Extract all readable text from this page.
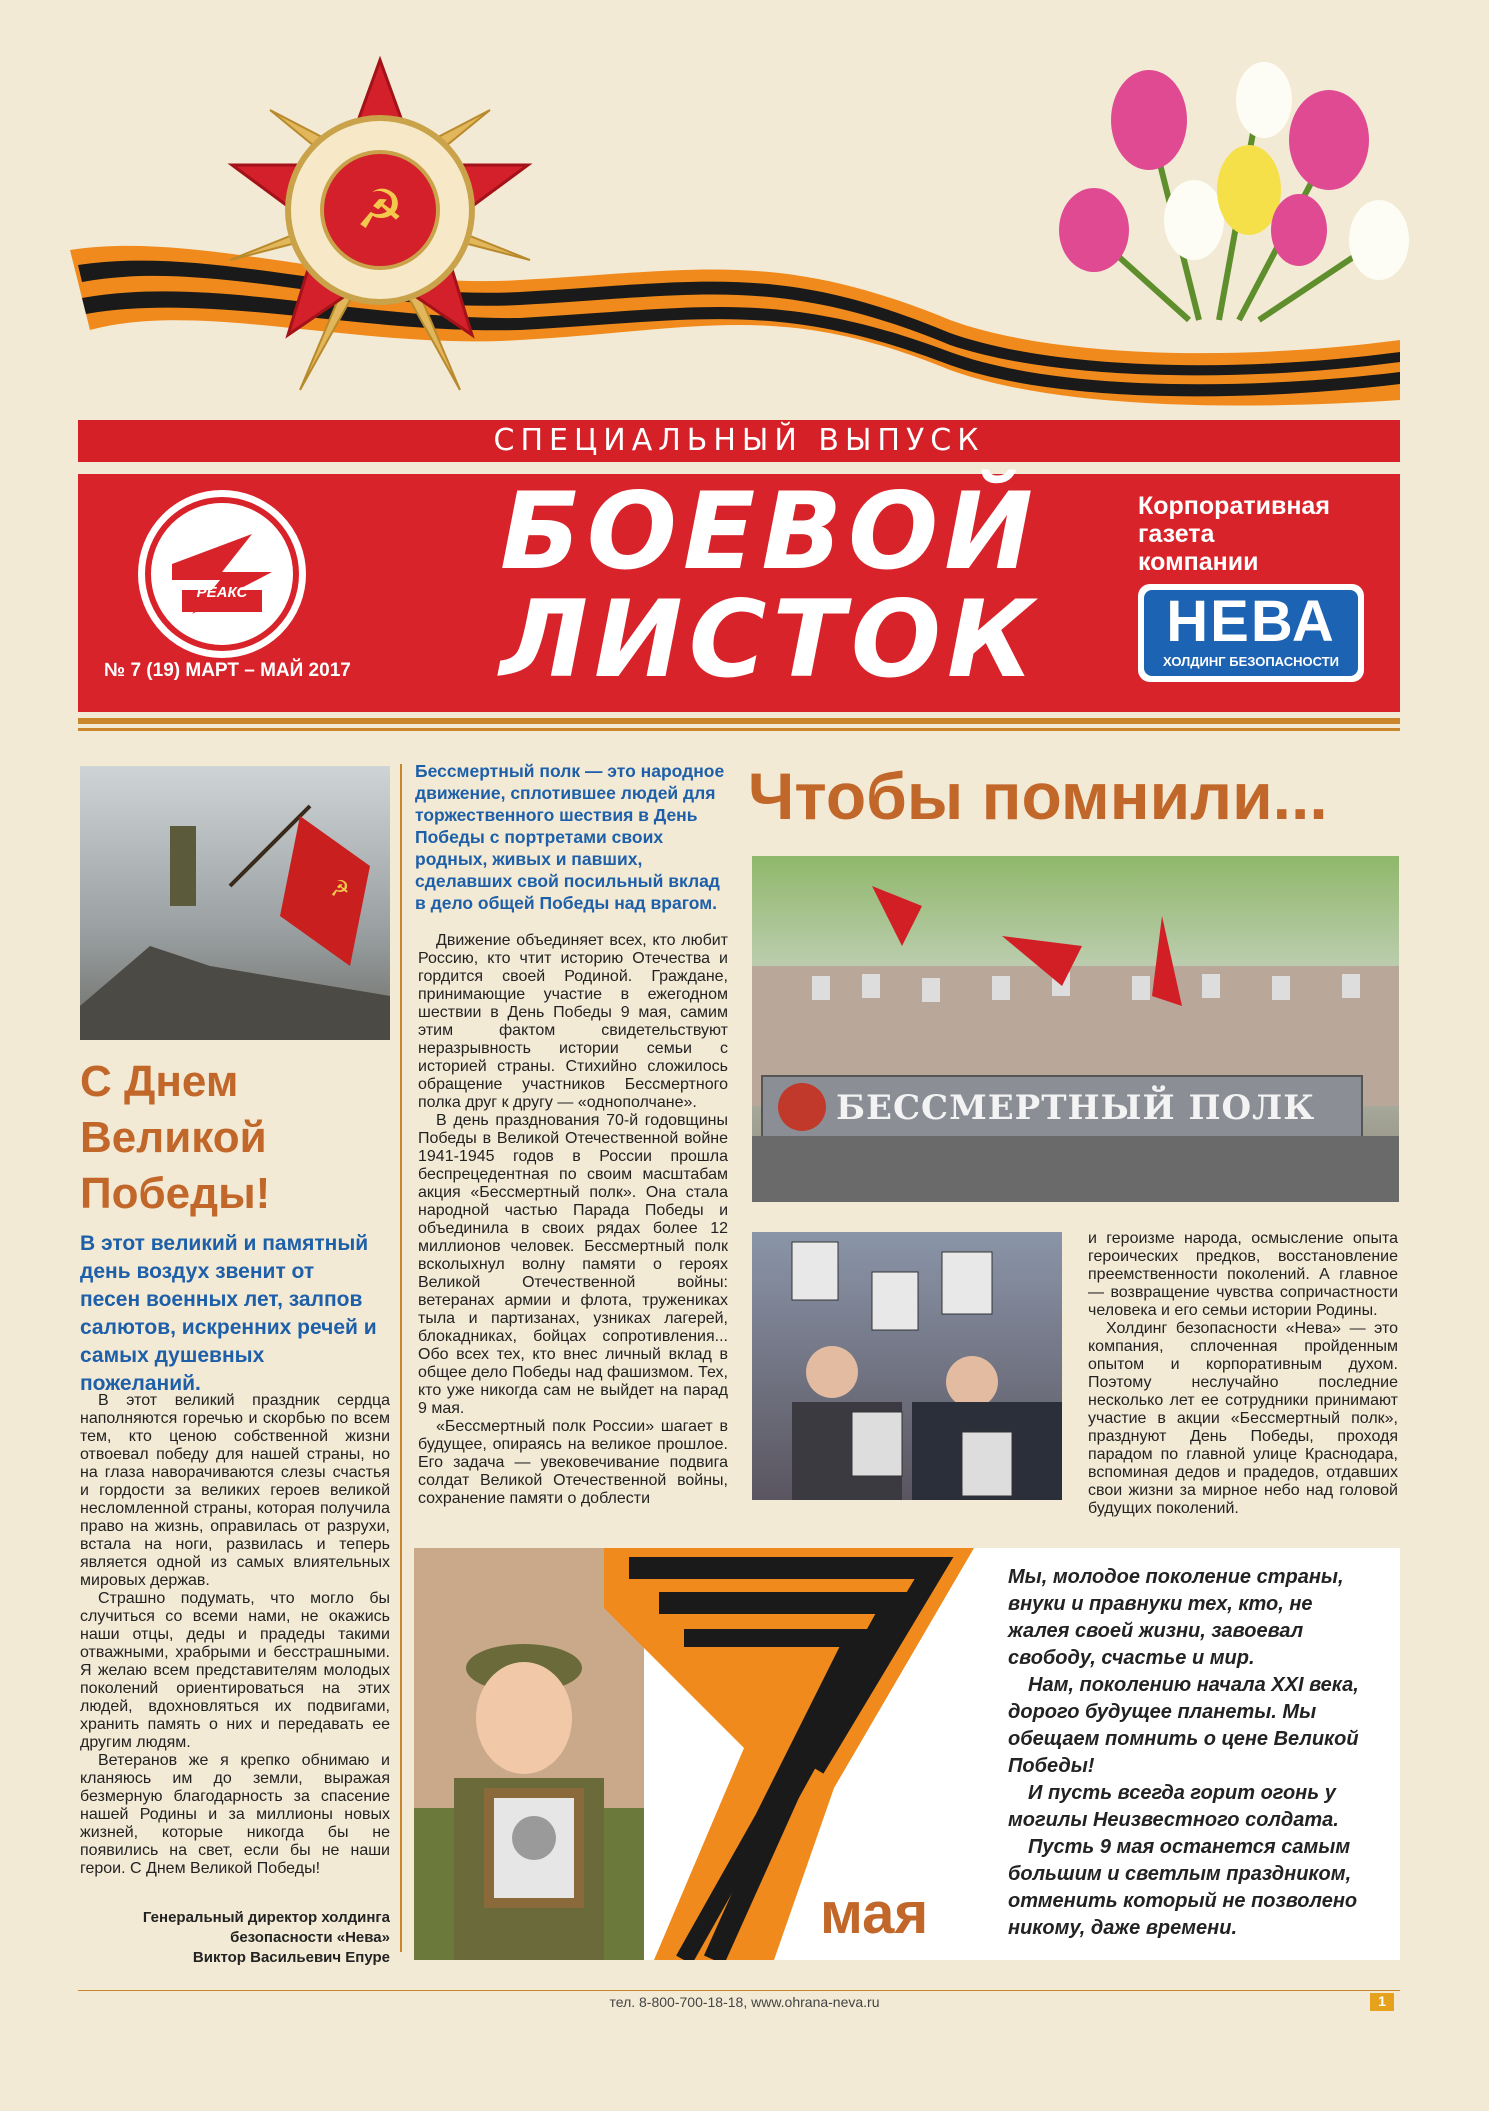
☭
СПЕЦИАЛЬНЫЙ ВЫПУСК
РЕАКС	БОЕВОЙ
ЛИСТОК
№ 7 (19) МАРТ – МАЙ 2017
Корпоративная
газета
компании
НЕВА
ХОЛДИНГ БЕЗОПАСНОСТИ
☭
С Днем
Великой
Победы!
В этот великий и памятный день воздух звенит от песен военных лет, залпов салютов, искренних речей и самых душевных пожеланий.

В этот великий праздник сердца наполняются горечью и скорбью по всем тем, кто ценою собственной жизни отвоевал победу для нашей страны, но на глаза наворачиваются слезы счастья и гордости за великих героев великой несломленной страны, которая получила право на жизнь, оправилась от разрухи, встала на ноги, развилась и теперь является одной из самых влиятельных мировых держав.

Страшно подумать, что могло бы случиться со всеми нами, не окажись наши отцы, деды и прадеды такими отважными, храбрыми и бесстрашными. Я желаю всем представителям молодых поколений ориентироваться на этих людей, вдохновляться их подвигами, хранить память о них и передавать ее другим людям.

Ветеранов же я крепко обнимаю и кланяюсь им до земли, выражая безмерную благодарность за спасение нашей Родины и за миллионы новых жизней, которые никогда бы не появились на свет, если бы не наши герои. С Днем Великой Победы!

Генеральный директор холдинга
безопасности «Нева»
Виктор Васильевич Епуре
Бессмертный полк — это народное движение, сплотившее людей для торжественного шествия в День Победы с портретами своих родных, живых и павших, сделавших свой посильный вклад в дело общей Победы над врагом.

Движение объединяет всех, кто любит Россию, кто чтит историю Отечества и гордится своей Родиной. Граждане, принимающие участие в ежегодном шествии в День Победы 9 мая, самим этим фактом свидетельствуют неразрывность истории семьи с историей страны. Стихийно сложилось обращение участников Бессмертного полка друг к другу — «однополчане».

В день празднования 70-й годовщины Победы в Великой Отечественной войне 1941-1945 годов в России прошла беспрецедентная по своим масштабам акция «Бессмертный полк». Она стала народной частью Парада Победы и объединила в своих рядах более 12 миллионов человек. Бессмертный полк всколыхнул волну памяти о героях Великой Отечественной войны: ветеранах армии и флота, тружениках тыла и партизанах, узниках лагерей, блокадниках, бойцах сопротивления... Обо всех тех, кто внес личный вклад в общее дело Победы над фашизмом. Тех, кто уже никогда сам не выйдет на парад 9 мая.

«Бессмертный полк России» шагает в будущее, опираясь на великое прошлое. Его задача — увековечивание подвига солдат Великой Отечественной войны, сохранение памяти о доблести

Чтобы помнили...
БЕССМЕРТНЫЙ ПОЛК

и героизме народа, осмысление опыта героических предков, восстановление преемственности поколений. А главное — возвращение чувства сопричастности человека и его семьи истории Родины.

Холдинг безопасности «Нева» — это компания, сплоченная пройденным опытом и корпоративным духом. Поэтому неслучайно последние несколько лет ее сотрудники принимают участие в акции «Бессмертный полк», празднуют День Победы, проходя парадом по главной улице Краснодара, вспоминая дедов и прадедов, отдавших свои жизни за мирное небо над головой будущих поколений.

мая

Мы, молодое поколение страны, внуки и правнуки тех, кто, не жалея своей жизни, завоевал свободу, счастье и мир.

Нам, поколению начала XXI века, дорого будущее планеты. Мы обещаем помнить о цене Великой Победы!

И пусть всегда горит огонь у могилы Неизвестного солдата.

Пусть 9 мая останется самым большим и светлым праздником, отменить который не позволено никому, даже времени.

тел. 8-800-700-18-18, www.ohrana-neva.ru	1
